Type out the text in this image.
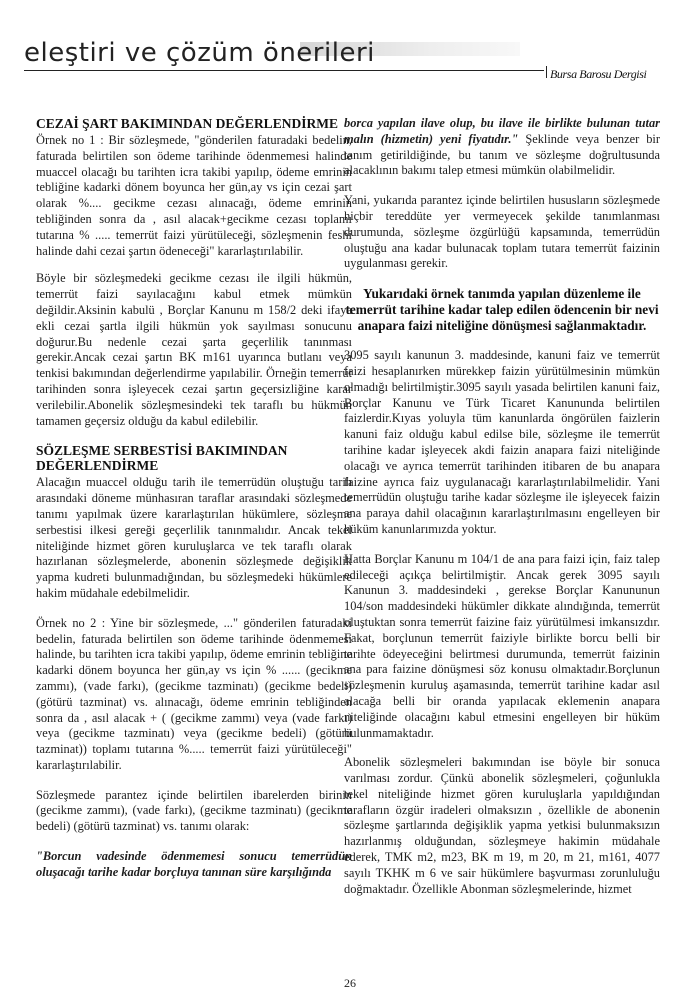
eleştiri ve çözüm önerileri
Bursa Barosu Dergisi
CEZAİ ŞART BAKIMINDAN DEĞERLENDİRME

Örnek no 1 : Bir sözleşmede, "gönderilen faturadaki bedelin, faturada belirtilen son ödeme tarihinde ödenmemesi halinde muaccel olacağı bu tarihten icra takibi yapılıp, ödeme emrinin tebliğine kadarki dönem boyunca her gün,ay vs için cezai şart olarak %.... gecikme cezası alınacağı, ödeme emrinin tebliğinden sonra da , asıl alacak+gecikme cezası toplamı tutarına % ..... temerrüt faizi yürütüleceği, sözleşmenin feshi halinde dahi cezai şartın ödeneceği" kararlaştırılabilir.

Böyle bir sözleşmedeki gecikme cezası ile ilgili hükmün, temerrüt faizi sayılacağını kabul etmek mümkün değildir.Aksinin kabulü , Borçlar Kanunu m 158/2 deki ifaya ekli cezai şartla ilgili hükmün yok sayılması sonucunu doğurur.Bu nedenle cezai şarta geçerlilik tanınması gerekir.Ancak cezai şartın BK m161 uyarınca butlanı veya tenkisi bakımından değerlendirme yapılabilir. Örneğin temerrüt tarihinden sonra işleyecek cezai şartın geçersizliğine karar verilebilir.Abonelik sözleşmesindeki tek taraflı bu hükmün tamamen geçersiz olduğu da kabul edilebilir.

SÖZLEŞME SERBESTİSİ BAKIMINDAN DEĞERLENDİRME

Alacağın muaccel olduğu tarih ile temerrüdün oluştuğu tarih arasındaki döneme münhasıran taraflar arasındaki sözleşmede tanımı yapılmak üzere kararlaştırılan hükümlere, sözleşme serbestisi ilkesi gereği geçerlilik tanınmalıdır. Ancak tekel niteliğinde hizmet gören kuruluşlarca ve tek taraflı olarak hazırlanan sözleşmelerde, abonenin sözleşmede değişiklik yapma kudreti bulunmadığından, bu sözleşmedeki hükümlere hakim müdahale edebilmelidir.

Örnek no 2 : Yine bir sözleşmede, ..." gönderilen faturadaki bedelin, faturada belirtilen son ödeme tarihinde ödenmemesi halinde, bu tarihten icra takibi yapılıp, ödeme emrinin tebliğine kadarki dönem boyunca her gün,ay vs için % ...... (gecikme zammı), (vade farkı), (gecikme tazminatı) (gecikme bedeli) (götürü tazminat) vs. alınacağı, ödeme emrinin tebliğinden sonra da , asıl alacak + ( (gecikme zammı) veya (vade farkı) veya (gecikme tazminatı) veya (gecikme bedeli) (götürü tazminat)) toplamı tutarına %..... temerrüt faizi yürütüleceği" kararlaştırılabilir.

Sözleşmede parantez içinde belirtilen ibarelerden birinin (gecikme zammı), (vade farkı), (gecikme tazminatı) (gecikme bedeli) (götürü tazminat) vs. tanımı olarak:

"Borcun vadesinde ödenmemesi sonucu temerrüdün oluşacağı tarihe kadar borçluya tanınan süre karşılığında

borca yapılan ilave olup, bu ilave ile birlikte bulunan tutar malın (hizmetin) yeni fiyatıdır." Şeklinde veya benzer bir tanım getirildiğinde, bu tanım ve sözleşme doğrultusunda alacaklının bakımı talep etmesi mümkün olabilmelidir.

Yani, yukarıda parantez içinde belirtilen hususların sözleşmede hiçbir tereddüte yer vermeyecek şekilde tanımlanması durumunda, sözleşme özgürlüğü kapsamında, temerrüdün oluştuğu ana kadar bulunacak toplam tutara temerrüt faizinin uygulanması gerekir.

Yukarıdaki örnek tanımda yapılan düzenleme ile temerrüt tarihine kadar talep edilen ödencenin bir nevi anapara faizi niteliğine dönüşmesi sağlanmaktadır.

3095 sayılı kanunun 3. maddesinde, kanuni faiz ve temerrüt faizi hesaplanırken mürekkep faizin yürütülmesinin mümkün olmadığı belirtilmiştir.3095 sayılı yasada belirtilen kanuni faiz, Borçlar Kanunu ve Türk Ticaret Kanununda belirtilen faizlerdir.Kıyas yoluyla tüm kanunlarda öngörülen faizlerin kanuni faiz olduğu kabul edilse bile, sözleşme ile temerrüt tarihine kadar işleyecek akdi faizin anapara faizi niteliğinde olacağı ve ayrıca temerrüt tarihinden itibaren de bu anapara faizine ayrıca faiz uygulanacağı kararlaştırılabilmelidir. Yani temerrüdün oluştuğu tarihe kadar sözleşme ile işleyecek faizin ana paraya dahil olacağının kararlaştırılmasını engelleyen bir hüküm kanunlarımızda yoktur.

Hatta Borçlar Kanunu m 104/1 de ana para faizi için, faiz talep edileceği açıkça belirtilmiştir. Ancak gerek 3095 sayılı Kanunun 3. maddesindeki , gerekse Borçlar Kanununun 104/son maddesindeki hükümler dikkate alındığında, temerrüt oluştuktan sonra temerrüt faizine faiz yürütülmesi imkansızdır. Fakat, borçlunun temerrüt faiziyle birlikte borcu belli bir tarihte ödeyeceğini belirtmesi durumunda, temerrüt faizinin ana para faizine dönüşmesi söz konusu olmaktadır.Borçlunun sözleşmenin kuruluş aşamasında, temerrüt tarihine kadar asıl alacağa belli bir oranda yapılacak eklemenin anapara niteliğinde olacağını kabul etmesini engelleyen bir hüküm bulunmamaktadır.

Abonelik sözleşmeleri bakımından ise böyle bir sonuca varılması zordur. Çünkü abonelik sözleşmeleri, çoğunlukla tekel niteliğinde hizmet gören kuruluşlarla yapıldığından tarafların özgür iradeleri olmaksızın , özellikle de abonenin sözleşme şartlarında değişiklik yapma yetkisi bulunmaksızın hazırlanmış olduğundan, sözleşmeye hakimin müdahale ederek, TMK m2, m23, BK m 19, m 20, m 21, m161, 4077 sayılı TKHK m 6 ve sair hükümlere başvurması zorunluluğu doğmaktadır. Özellikle Abonman sözleşmelerinde, hizmet

26
